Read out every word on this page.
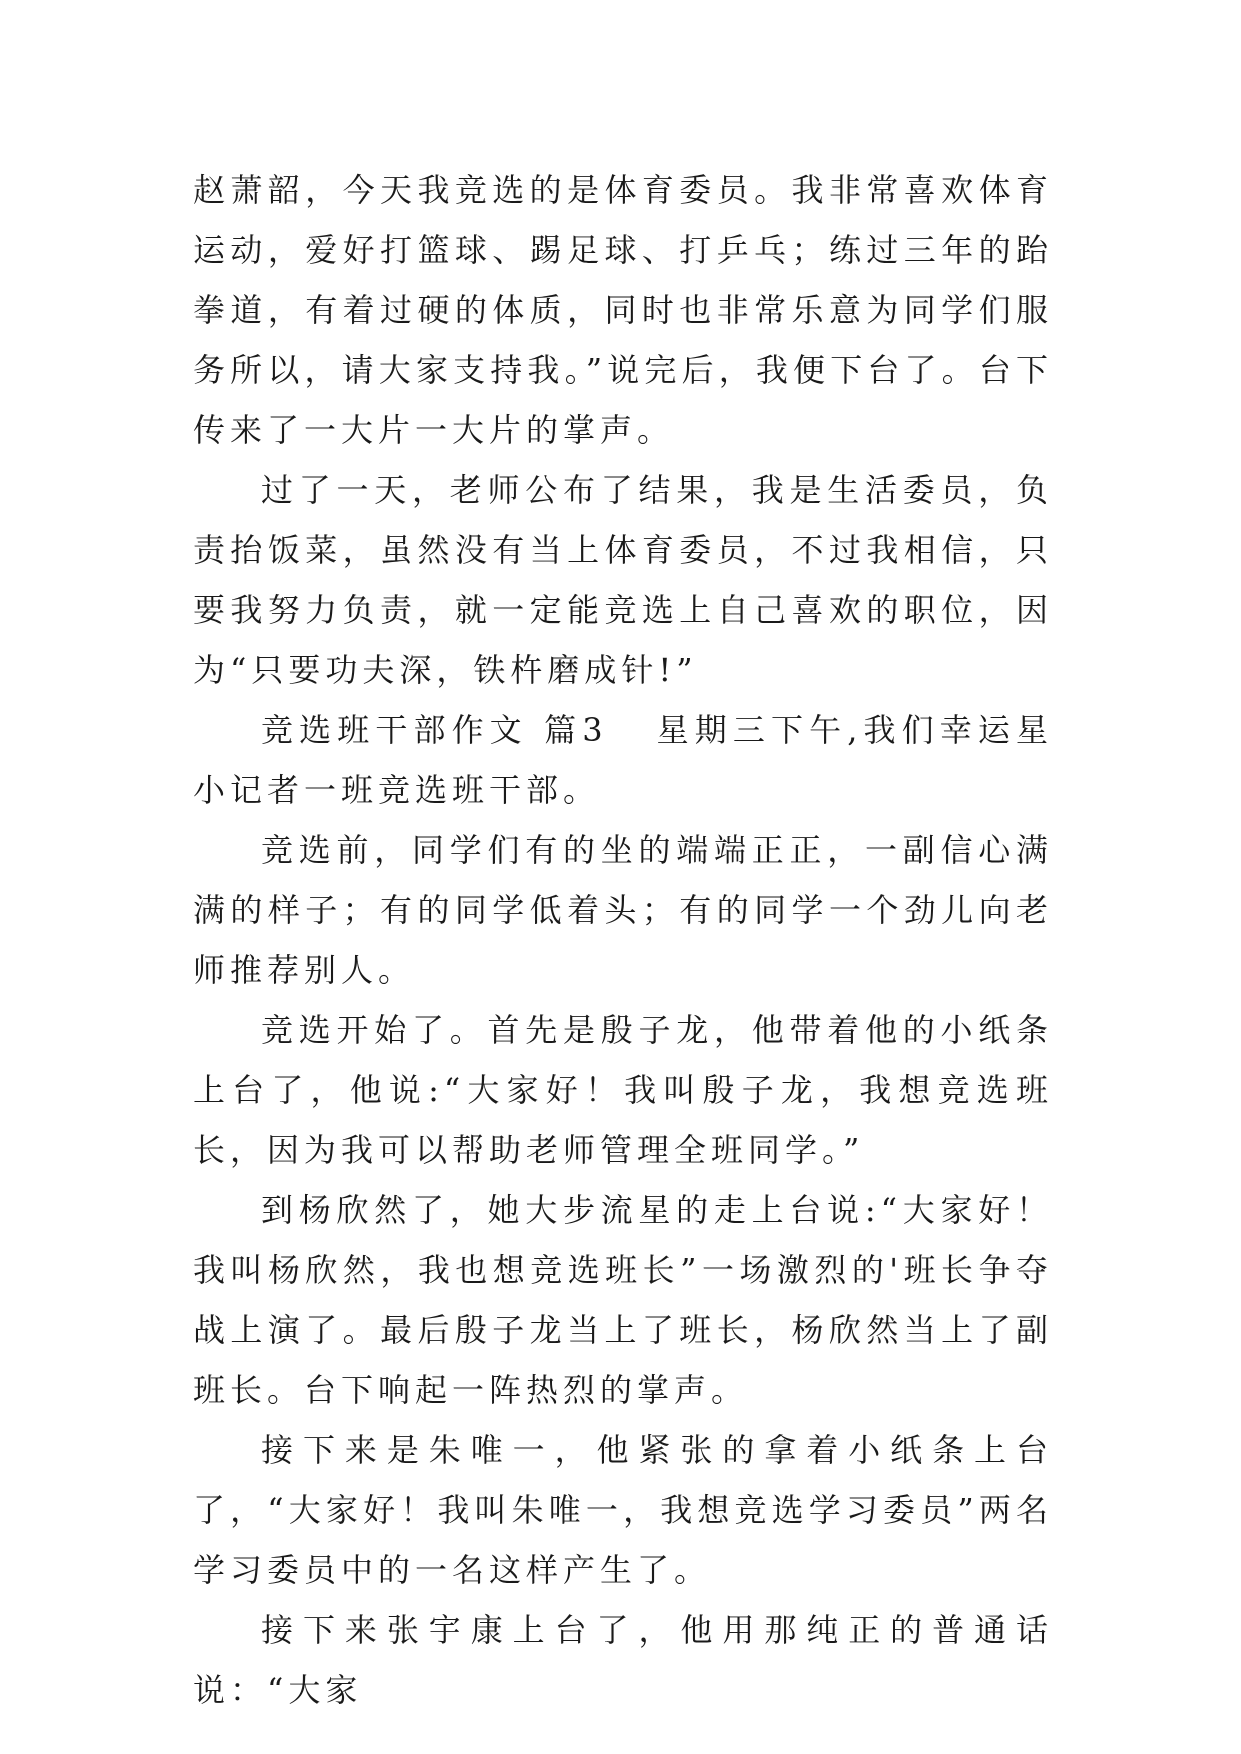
赵萧韶，今天我竞选的是体育委员。我非常喜欢体育运动，爱好打篮球、踢足球、打乒乓；练过三年的跆拳道，有着过硬的体质，同时也非常乐意为同学们服务所以，请大家支持我。”说完后，我便下台了。台下传来了一大片一大片的掌声。

过了一天，老师公布了结果，我是生活委员，负责抬饭菜，虽然没有当上体育委员，不过我相信，只要我努力负责，就一定能竞选上自己喜欢的职位，因为“只要功夫深，铁杵磨成针!”

竞选班干部作文 篇3 星期三下午,我们幸运星小记者一班竞选班干部。

竞选前，同学们有的坐的端端正正，一副信心满满的样子；有的同学低着头；有的同学一个劲儿向老师推荐别人。

竞选开始了。首先是殷子龙，他带着他的小纸条上台了，他说:“大家好！我叫殷子龙，我想竞选班长，因为我可以帮助老师管理全班同学。”

到杨欣然了，她大步流星的走上台说:“大家好！我叫杨欣然，我也想竞选班长”一场激烈的'班长争夺战上演了。最后殷子龙当上了班长，杨欣然当上了副班长。台下响起一阵热烈的掌声。

接下来是朱唯一，他紧张的拿着小纸条上台了，“大家好！我叫朱唯一，我想竞选学习委员”两名学习委员中的一名这样产生了。

接下来张宇康上台了，他用那纯正的普通话说：“大家
